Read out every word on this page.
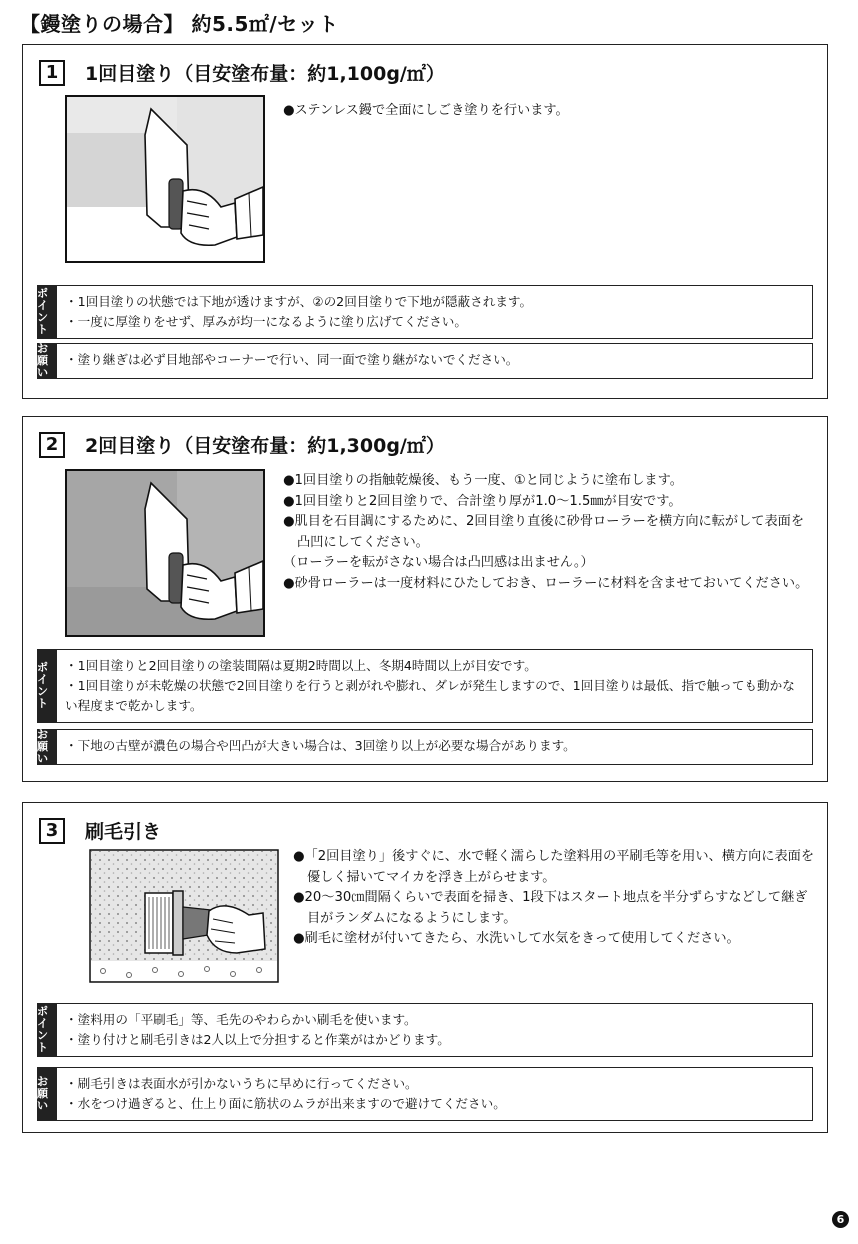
【鏝塗りの場合】 約5.5㎡/セット
1	1回目塗り（目安塗布量：約1,100g/㎡）

●ステンレス鏝で全面にしごき塗りを行います。

ポイント

・1回目塗りの状態では下地が透けますが、②の2回目塗りで下地が隠蔽されます。

・一度に厚塗りをせず、厚みが均一になるように塗り広げてください。

お願い

・塗り継ぎは必ず目地部やコーナーで行い、同一面で塗り継がないでください。

2	2回目塗り（目安塗布量：約1,300g/㎡）

●1回目塗りの指触乾燥後、もう一度、①と同じように塗布します。

●1回目塗りと2回目塗りで、合計塗り厚が1.0〜1.5㎜が目安です。

●肌目を石目調にするために、2回目塗り直後に砂骨ローラーを横方向に転がして表面を凸凹にしてください。

（ローラーを転がさない場合は凸凹感は出ません。）

●砂骨ローラーは一度材料にひたしておき、ローラーに材料を含ませておいてください。

ポイント

・1回目塗りと2回目塗りの塗装間隔は夏期2時間以上、冬期4時間以上が目安です。

・1回目塗りが未乾燥の状態で2回目塗りを行うと剥がれや膨れ、ダレが発生しますので、1回目塗りは最低、指で触っても動かない程度まで乾かします。

お願い

・下地の古壁が濃色の場合や凹凸が大きい場合は、3回塗り以上が必要な場合があります。

3	刷毛引き

●「2回目塗り」後すぐに、水で軽く濡らした塗料用の平刷毛等を用い、横方向に表面を優しく掃いてマイカを浮き上がらせます。

●20〜30㎝間隔くらいで表面を掃き、1段下はスタート地点を半分ずらすなどして継ぎ目がランダムになるようにします。

●刷毛に塗材が付いてきたら、水洗いして水気をきって使用してください。

ポイント

・塗料用の「平刷毛」等、毛先のやわらかい刷毛を使います。

・塗り付けと刷毛引きは2人以上で分担すると作業がはかどります。

お願い

・刷毛引きは表面水が引かないうちに早めに行ってください。

・水をつけ過ぎると、仕上り面に筋状のムラが出来ますので避けてください。

6
